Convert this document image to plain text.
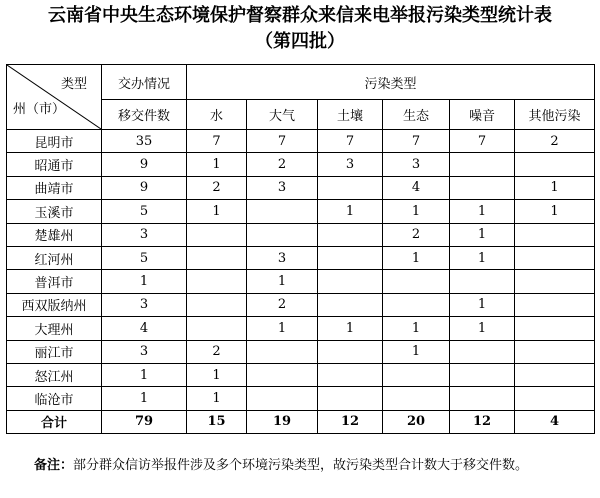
云南省中央生态环境保护督察群众来信来电举报污染类型统计表
（第四批）
类型
州（市）	交办情况	污染类型					
	移交件数	水	大气	土壤	生态	噪音	其他污染
昆明市	35	7	7	7	7	7	2
昭通市	9	1	2	3	3		
曲靖市	9	2	3		4		1
玉溪市	5	1		1	1	1	1
楚雄州	3				2	1	
红河州	5		3		1	1	
普洱市	1		1				
西双版纳州	3		2			1	
大理州	4		1	1	1	1	
丽江市	3	2			1		
怒江州	1	1					
临沧市	1	1					
合计	79	15	19	12	20	12	4
备注：部分群众信访举报件涉及多个环境污染类型，故污染类型合计数大于移交件数。
